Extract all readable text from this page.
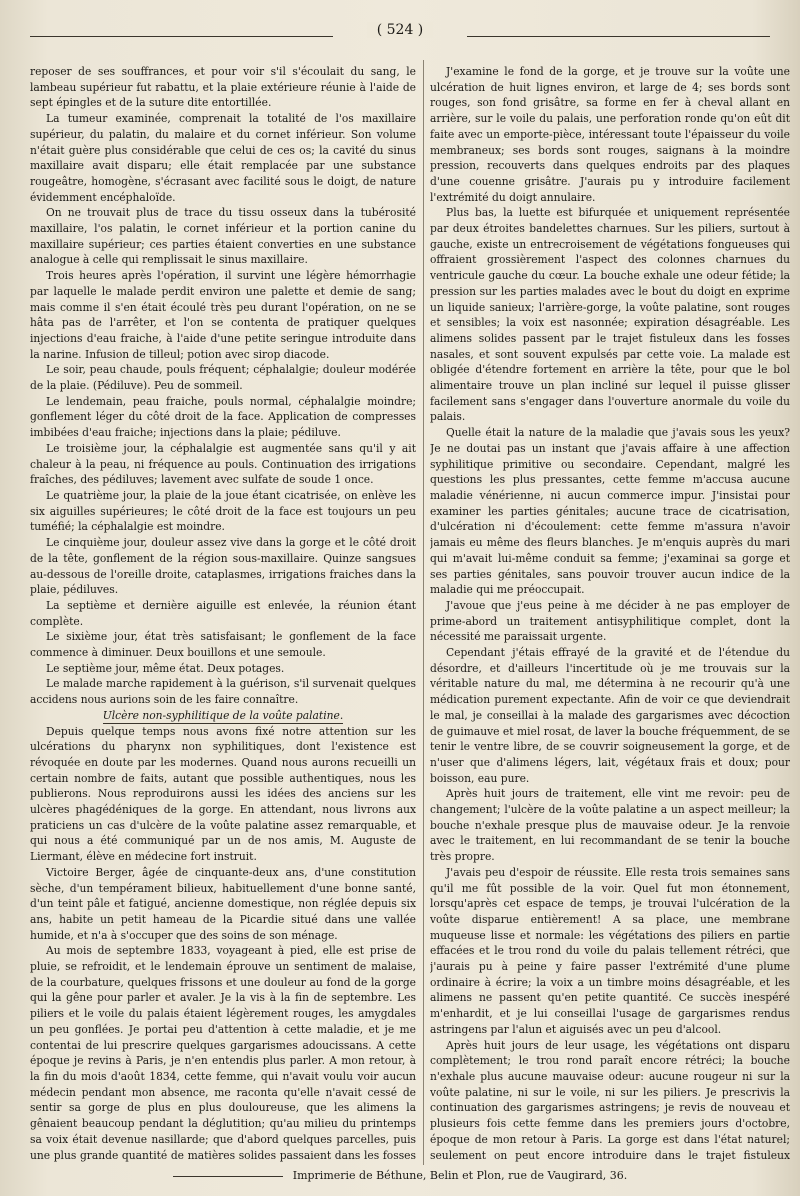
( 524 )

reposer de ses souffrances, et pour voir s'il s'écoulait du sang, le lambeau supérieur fut rabattu, et la plaie extérieure réunie à l'aide de sept épingles et de la suture dite entortillée.

La tumeur examinée, comprenait la totalité de l'os maxillaire supérieur, du palatin, du malaire et du cornet inférieur. Son volume n'était guère plus considérable que celui de ces os; la cavité du sinus maxillaire avait disparu; elle était remplacée par une substance rougeâtre, homogène, s'écrasant avec facilité sous le doigt, de nature évidemment encéphaloïde.

On ne trouvait plus de trace du tissu osseux dans la tubérosité maxillaire, l'os palatin, le cornet inférieur et la portion canine du maxillaire supérieur; ces parties étaient converties en une substance analogue à celle qui remplissait le sinus maxillaire.

Trois heures après l'opération, il survint une légère hémorrhagie par laquelle le malade perdit environ une palette et demie de sang; mais comme il s'en était écoulé très peu durant l'opération, on ne se hâta pas de l'arrêter, et l'on se contenta de pratiquer quelques injections d'eau fraiche, à l'aide d'une petite seringue introduite dans la narine. Infusion de tilleul; potion avec sirop diacode.

Le soir, peau chaude, pouls fréquent; céphalalgie; douleur modérée de la plaie. (Pédiluve). Peu de sommeil.

Le lendemain, peau fraiche, pouls normal, céphalalgie moindre; gonflement léger du côté droit de la face. Application de compresses imbibées d'eau fraiche; injections dans la plaie; pédiluve.

Le troisième jour, la céphalalgie est augmentée sans qu'il y ait chaleur à la peau, ni fréquence au pouls. Continuation des irrigations fraîches, des pédiluves; lavement avec sulfate de soude 1 once.

Le quatrième jour, la plaie de la joue étant cicatrisée, on enlève les six aiguilles supérieures; le côté droit de la face est toujours un peu tuméfié; la céphalalgie est moindre.

Le cinquième jour, douleur assez vive dans la gorge et le côté droit de la tête, gonflement de la région sous-maxillaire. Quinze sangsues au-dessous de l'oreille droite, cataplasmes, irrigations fraiches dans la plaie, pédiluves.

La septième et dernière aiguille est enlevée, la réunion étant complète.

Le sixième jour, état très satisfaisant; le gonflement de la face commence à diminuer. Deux bouillons et une semoule.

Le septième jour, même état. Deux potages.

Le malade marche rapidement à la guérison, s'il survenait quelques accidens nous aurions soin de les faire connaître.

Ulcère non-syphilitique de la voûte palatine.

Depuis quelque temps nous avons fixé notre attention sur les ulcérations du pharynx non syphilitiques, dont l'existence est révoquée en doute par les modernes. Quand nous aurons recueilli un certain nombre de faits, autant que possible authentiques, nous les publierons. Nous reproduirons aussi les idées des anciens sur les ulcères phagédéniques de la gorge. En attendant, nous livrons aux praticiens un cas d'ulcère de la voûte palatine assez remarquable, et qui nous a été communiqué par un de nos amis, M. Auguste de Liermant, élève en médecine fort instruit.

Victoire Berger, âgée de cinquante-deux ans, d'une constitution sèche, d'un tempérament bilieux, habituellement d'une bonne santé, d'un teint pâle et fatigué, ancienne domestique, non réglée depuis six ans, habite un petit hameau de la Picardie situé dans une vallée humide, et n'a à s'occuper que des soins de son ménage.

Au mois de septembre 1833, voyageant à pied, elle est prise de pluie, se refroidit, et le lendemain éprouve un sentiment de malaise, de la courbature, quelques frissons et une douleur au fond de la gorge qui la gêne pour parler et avaler. Je la vis à la fin de septembre. Les piliers et le voile du palais étaient légèrement rouges, les amygdales un peu gonflées. Je portai peu d'attention à cette maladie, et je me contentai de lui prescrire quelques gargarismes adoucissans. A cette époque je revins à Paris, je n'en entendis plus parler. A mon retour, à la fin du mois d'août 1834, cette femme, qui n'avait voulu voir aucun médecin pendant mon absence, me raconta qu'elle n'avait cessé de sentir sa gorge de plus en plus douloureuse, que les alimens la gênaient beaucoup pendant la déglutition; qu'au milieu du printemps sa voix était devenue nasillarde; que d'abord quelques parcelles, puis une plus grande quantité de matières solides passaient dans les fosses

J'examine le fond de la gorge, et je trouve sur la voûte une ulcération de huit lignes environ, et large de 4; ses bords sont rouges, son fond grisâtre, sa forme en fer à cheval allant en arrière, sur le voile du palais, une perforation ronde qu'on eût dit faite avec un emporte-pièce, intéressant toute l'épaisseur du voile membraneux; ses bords sont rouges, saignans à la moindre pression, recouverts dans quelques endroits par des plaques d'une couenne grisâtre. J'aurais pu y introduire facilement l'extrémité du doigt annulaire.

Plus bas, la luette est bifurquée et uniquement représentée par deux étroites bandelettes charnues. Sur les piliers, surtout à gauche, existe un entrecroisement de végétations fongueuses qui offraient grossièrement l'aspect des colonnes charnues du ventricule gauche du cœur. La bouche exhale une odeur fétide; la pression sur les parties malades avec le bout du doigt en exprime un liquide sanieux; l'arrière-gorge, la voûte palatine, sont rouges et sensibles; la voix est nasonnée; expiration désagréable. Les alimens solides passent par le trajet fistuleux dans les fosses nasales, et sont souvent expulsés par cette voie. La malade est obligée d'étendre fortement en arrière la tête, pour que le bol alimentaire trouve un plan incliné sur lequel il puisse glisser facilement sans s'engager dans l'ouverture anormale du voile du palais.

Quelle était la nature de la maladie que j'avais sous les yeux? Je ne doutai pas un instant que j'avais affaire à une affection syphilitique primitive ou secondaire. Cependant, malgré les questions les plus pressantes, cette femme m'accusa aucune maladie vénérienne, ni aucun commerce impur. J'insistai pour examiner les parties génitales; aucune trace de cicatrisation, d'ulcération ni d'écoulement: cette femme m'assura n'avoir jamais eu même des fleurs blanches. Je m'enquis auprès du mari qui m'avait lui-même conduit sa femme; j'examinai sa gorge et ses parties génitales, sans pouvoir trouver aucun indice de la maladie qui me préoccupait.

J'avoue que j'eus peine à me décider à ne pas employer de prime-abord un traitement antisyphilitique complet, dont la nécessité me paraissait urgente.

Cependant j'étais effrayé de la gravité et de l'étendue du désordre, et d'ailleurs l'incertitude où je me trouvais sur la véritable nature du mal, me détermina à ne recourir qu'à une médication purement expectante. Afin de voir ce que deviendrait le mal, je conseillai à la malade des gargarismes avec décoction de guimauve et miel rosat, de laver la bouche fréquemment, de se tenir le ventre libre, de se couvrir soigneusement la gorge, et de n'user que d'alimens légers, lait, végétaux frais et doux; pour boisson, eau pure.

Après huit jours de traitement, elle vint me revoir: peu de changement; l'ulcère de la voûte palatine a un aspect meilleur; la bouche n'exhale presque plus de mauvaise odeur. Je la renvoie avec le traitement, en lui recommandant de se tenir la bouche très propre.

J'avais peu d'espoir de réussite. Elle resta trois semaines sans qu'il me fût possible de la voir. Quel fut mon étonnement, lorsqu'après cet espace de temps, je trouvai l'ulcération de la voûte disparue entièrement! A sa place, une membrane muqueuse lisse et normale: les végétations des piliers en partie effacées et le trou rond du voile du palais tellement rétréci, que j'aurais pu à peine y faire passer l'extrémité d'une plume ordinaire à écrire; la voix a un timbre moins désagréable, et les alimens ne passent qu'en petite quantité. Ce succès inespéré m'enhardit, et je lui conseillai l'usage de gargarismes rendus astringens par l'alun et aiguisés avec un peu d'alcool.

Après huit jours de leur usage, les végétations ont disparu complètement; le trou rond paraît encore rétréci; la bouche n'exhale plus aucune mauvaise odeur: aucune rougeur ni sur la voûte palatine, ni sur le voile, ni sur les piliers. Je prescrivis la continuation des gargarismes astringens; je revis de nouveau et plusieurs fois cette femme dans les premiers jours d'octobre, époque de mon retour à Paris. La gorge est dans l'état naturel; seulement on peut encore introduire dans le trajet fistuleux

Imprimerie de Béthune, Belin et Plon, rue de Vaugirard, 36.
